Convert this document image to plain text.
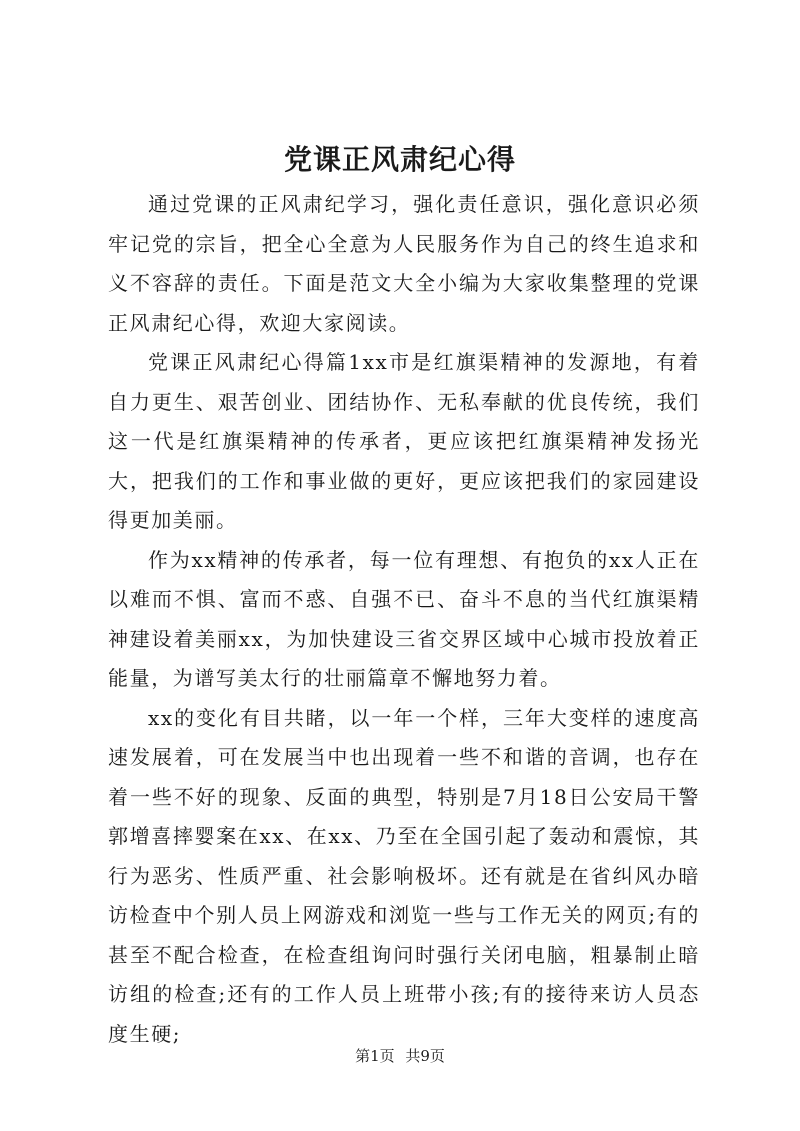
党课正风肃纪心得

通过党课的正风肃纪学习，强化责任意识，强化意识必须牢记党的宗旨，把全心全意为人民服务作为自己的终生追求和义不容辞的责任。下面是范文大全小编为大家收集整理的党课正风肃纪心得，欢迎大家阅读。

党课正风肃纪心得篇1xx市是红旗渠精神的发源地，有着自力更生、艰苦创业、团结协作、无私奉献的优良传统，我们这一代是红旗渠精神的传承者，更应该把红旗渠精神发扬光大，把我们的工作和事业做的更好，更应该把我们的家园建设得更加美丽。

作为xx精神的传承者，每一位有理想、有抱负的xx人正在以难而不惧、富而不惑、自强不已、奋斗不息的当代红旗渠精神建设着美丽xx，为加快建设三省交界区域中心城市投放着正能量，为谱写美太行的壮丽篇章不懈地努力着。

xx的变化有目共睹，以一年一个样，三年大变样的速度高速发展着，可在发展当中也出现着一些不和谐的音调，也存在着一些不好的现象、反面的典型，特别是7月18日公安局干警郭增喜摔婴案在xx、在xx、乃至在全国引起了轰动和震惊，其行为恶劣、性质严重、社会影响极坏。还有就是在省纠风办暗访检查中个别人员上网游戏和浏览一些与工作无关的网页;有的甚至不配合检查，在检查组询问时强行关闭电脑，粗暴制止暗访组的检查;还有的工作人员上班带小孩;有的接待来访人员态度生硬;

第1页 共9页
